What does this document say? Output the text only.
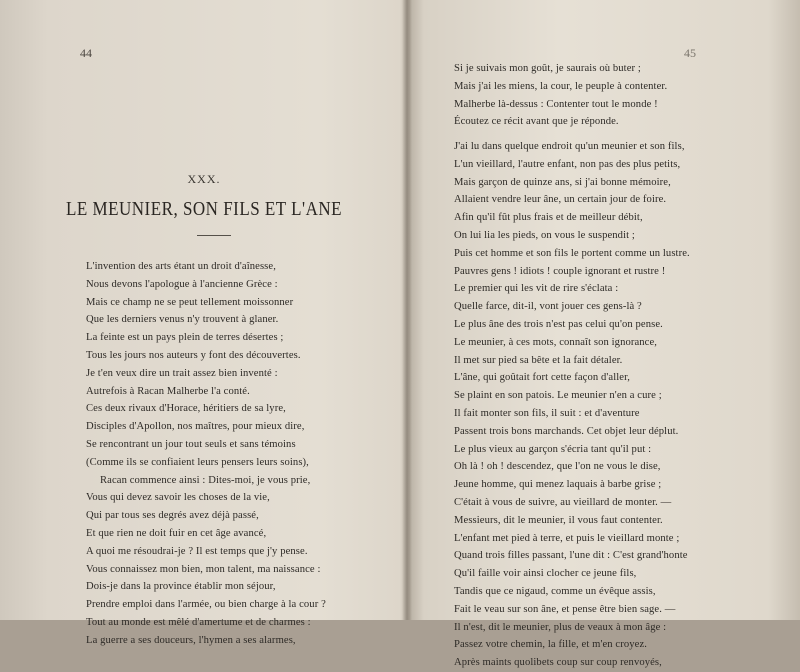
44
XXX.
LE MEUNIER, SON FILS ET L'ANE
L'invention des arts étant un droit d'aînesse,
Nous devons l'apologue à l'ancienne Grèce :
Mais ce champ ne se peut tellement moissonner
Que les derniers venus n'y trouvent à glaner.
La feinte est un pays plein de terres désertes ;
Tous les jours nos auteurs y font des découvertes.
Je t'en veux dire un trait assez bien inventé :
Autrefois à Racan Malherbe l'a conté.
Ces deux rivaux d'Horace, héritiers de sa lyre,
Disciples d'Apollon, nos maîtres, pour mieux dire,
Se rencontrant un jour tout seuls et sans témoins
(Comme ils se confiaient leurs pensers leurs soins),
Racan commence ainsi : Dites-moi, je vous prie,
Vous qui devez savoir les choses de la vie,
Qui par tous ses degrés avez déjà passé,
Et que rien ne doit fuir en cet âge avancé,
A quoi me résoudrai-je ? Il est temps que j'y pense.
Vous connaissez mon bien, mon talent, ma naissance :
Dois-je dans la province établir mon séjour,
Prendre emploi dans l'armée, ou bien charge à la cour ?
Tout au monde est mêlé d'amertume et de charmes :
La guerre a ses douceurs, l'hymen a ses alarmes,
45
Si je suivais mon goût, je saurais où buter ;
Mais j'ai les miens, la cour, le peuple à contenter.
Malherbe là-dessus : Contenter tout le monde !
Écoutez ce récit avant que je réponde.
J'ai lu dans quelque endroit qu'un meunier et son fils,
L'un vieillard, l'autre enfant, non pas des plus petits,
Mais garçon de quinze ans, si j'ai bonne mémoire,
Allaient vendre leur âne, un certain jour de foire.
Afin qu'il fût plus frais et de meilleur débit,
On lui lia les pieds, on vous le suspendit ;
Puis cet homme et son fils le portent comme un lustre.
Pauvres gens ! idiots ! couple ignorant et rustre !
Le premier qui les vit de rire s'éclata :
Quelle farce, dit-il, vont jouer ces gens-là ?
Le plus âne des trois n'est pas celui qu'on pense.
Le meunier, à ces mots, connaît son ignorance,
Il met sur pied sa bête et la fait détaler.
L'âne, qui goûtait fort cette façon d'aller,
Se plaint en son patois. Le meunier n'en a cure ;
Il fait monter son fils, il suit : et d'aventure
Passent trois bons marchands. Cet objet leur déplut.
Le plus vieux au garçon s'écria tant qu'il put :
Oh là ! oh ! descendez, que l'on ne vous le dise,
Jeune homme, qui menez laquais à barbe grise ;
C'était à vous de suivre, au vieillard de monter. —
Messieurs, dit le meunier, il vous faut contenter.
L'enfant met pied à terre, et puis le vieillard monte ;
Quand trois filles passant, l'une dit : C'est grand'honte
Qu'il faille voir ainsi clocher ce jeune fils,
Tandis que ce nigaud, comme un évêque assis,
Fait le veau sur son âne, et pense être bien sage. —
Il n'est, dit le meunier, plus de veaux à mon âge :
Passez votre chemin, la fille, et m'en croyez.
Après maints quolibets coup sur coup renvoyés,
